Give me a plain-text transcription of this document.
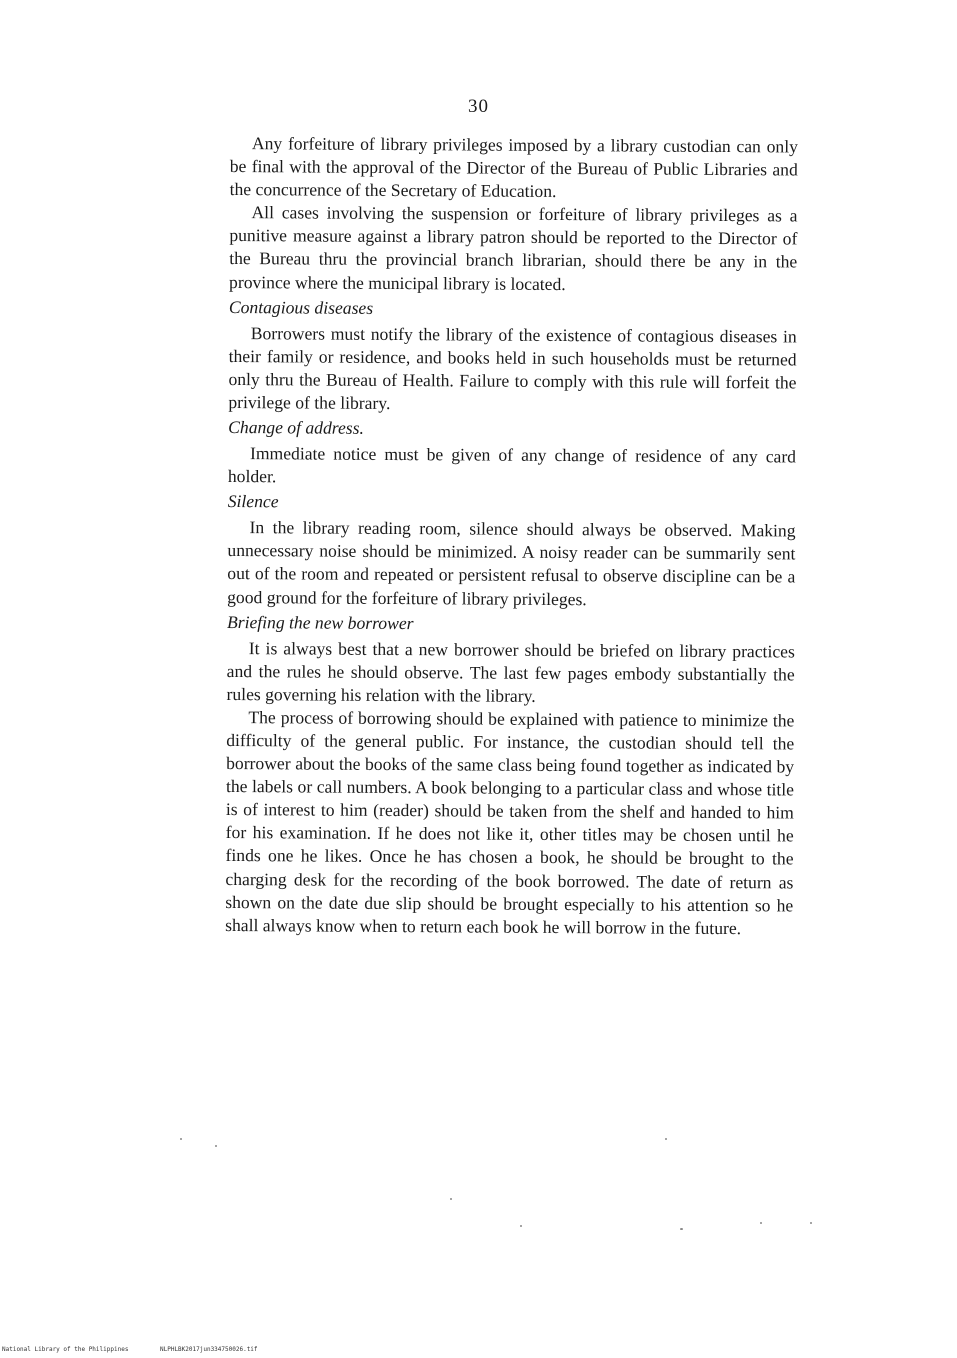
30

Any forfeiture of library privileges imposed by a library custodian can only be final with the approval of the Director of the Bureau of Public Libraries and the concurrence of the Secretary of Education.

All cases involving the suspension or forfeiture of library privileges as a punitive measure against a library patron should be reported to the Director of the Bureau thru the provincial branch librarian, should there be any in the province where the municipal library is located.

Contagious diseases

Borrowers must notify the library of the existence of contagious diseases in their family or residence, and books held in such households must be returned only thru the Bureau of Health. Failure to comply with this rule will forfeit the privilege of the library.

Change of address.

Immediate notice must be given of any change of residence of any card holder.

Silence

In the library reading room, silence should always be observed. Making unnecessary noise should be minimized. A noisy reader can be summarily sent out of the room and repeated or persistent refusal to observe discipline can be a good ground for the forfeiture of library privileges.

Briefing the new borrower

It is always best that a new borrower should be briefed on library practices and the rules he should observe. The last few pages embody substantially the rules governing his relation with the library.

The process of borrowing should be explained with patience to minimize the difficulty of the general public. For instance, the custodian should tell the borrower about the books of the same class being found together as indicated by the labels or call numbers. A book belonging to a particular class and whose title is of interest to him (reader) should be taken from the shelf and handed to him for his examination. If he does not like it, other titles may be chosen until he finds one he likes. Once he has chosen a book, he should be brought to the charging desk for the recording of the book borrowed. The date of return as shown on the date due slip should be brought especially to his attention so he shall always know when to return each book he will borrow in the future.

National Library of the Philippines	NLPHLBK2017jun334750026.tif
